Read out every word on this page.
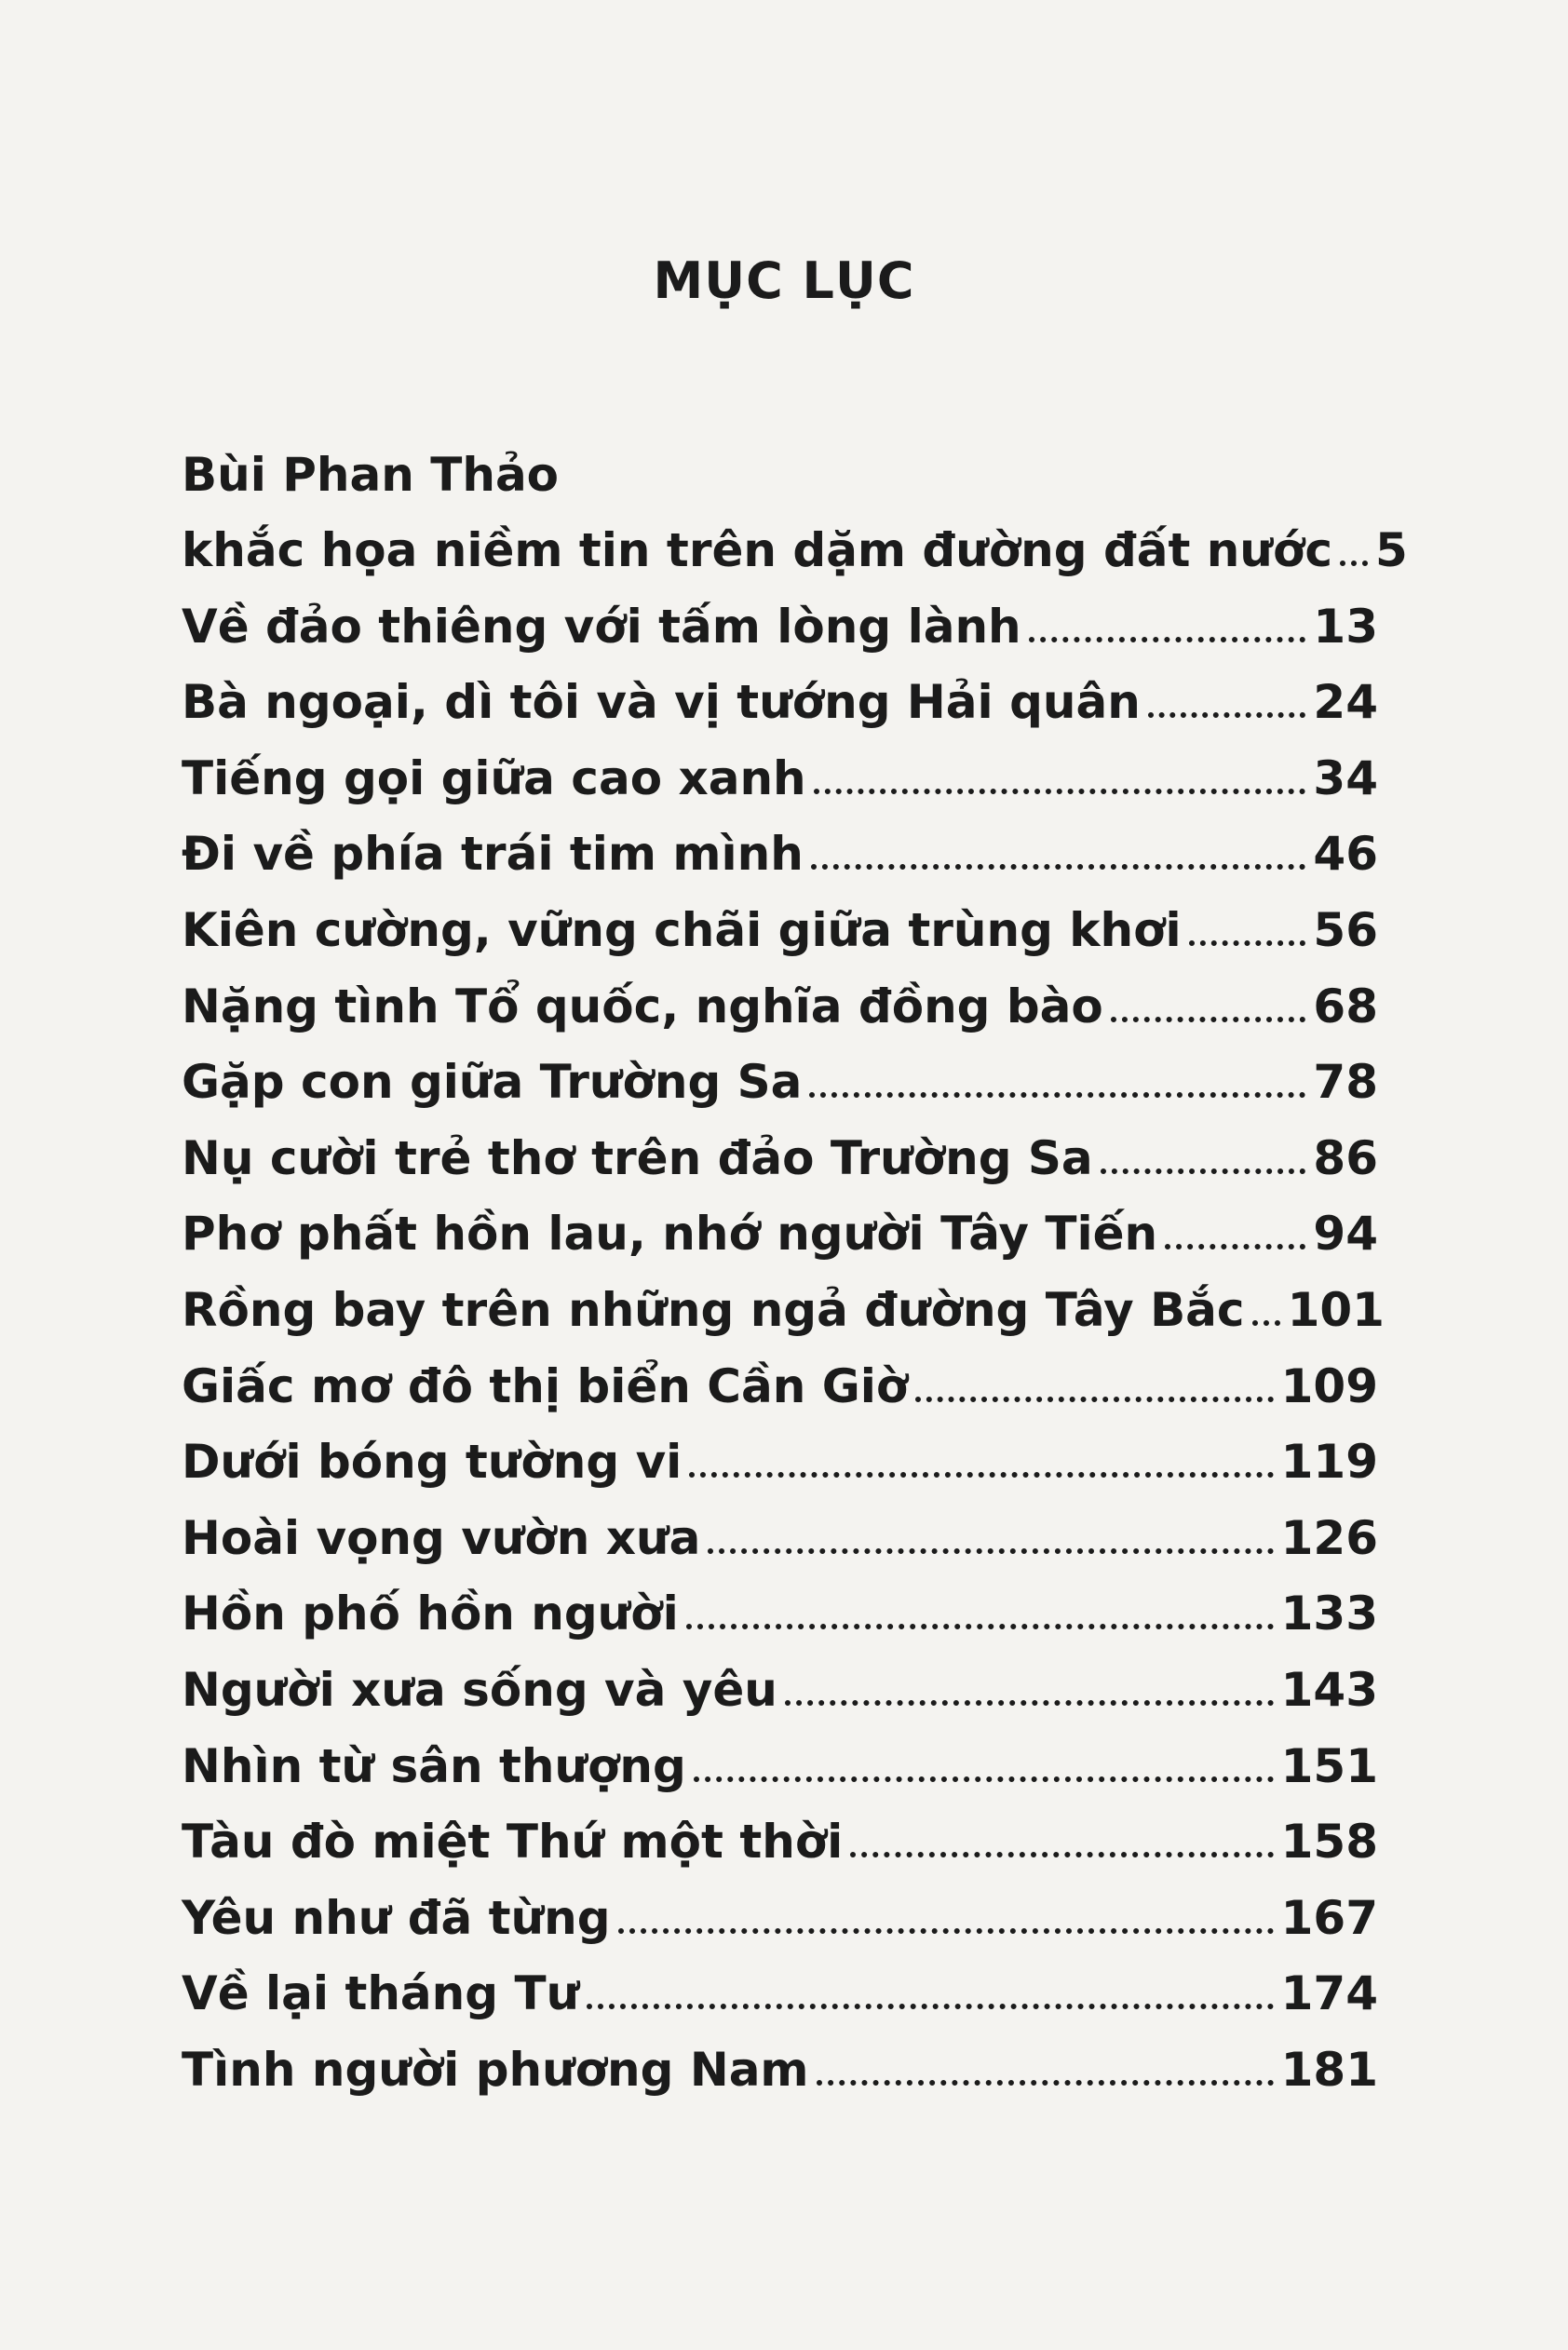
MỤC LỤC
Bùi Phan Thảo
khắc họa niềm tin trên dặm đường đất nước 5
Về đảo thiêng với tấm lòng lành	13
Bà ngoại, dì tôi và vị tướng Hải quân	24
Tiếng gọi giữa cao xanh	34
Đi về phía trái tim mình	46
Kiên cường, vững chãi giữa trùng khơi	56
Nặng tình Tổ quốc, nghĩa đồng bào	68
Gặp con giữa Trường Sa	78
Nụ cười trẻ thơ trên đảo Trường Sa	86
Phơ phất hồn lau, nhớ người Tây Tiến	94
Rồng bay trên những ngả đường Tây Bắc 101
Giấc mơ đô thị biển Cần Giờ	109
Dưới bóng tường vi	119
Hoài vọng vườn xưa	126
Hồn phố hồn người	133
Người xưa sống và yêu	143
Nhìn từ sân thượng	151
Tàu đò miệt Thứ một thời	158
Yêu như đã từng	167
Về lại tháng Tư	174
Tình người phương Nam	181
